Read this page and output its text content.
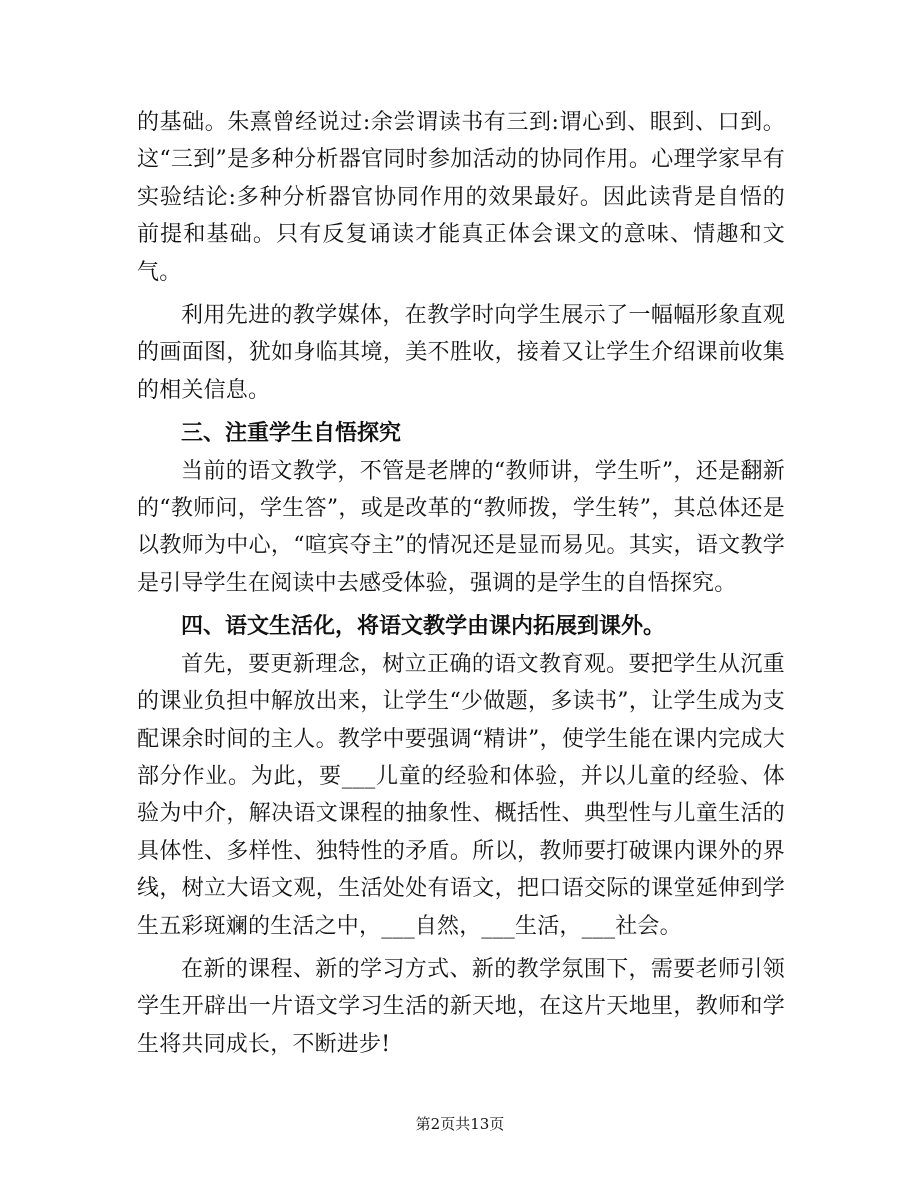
的基础。朱熹曾经说过:余尝谓读书有三到:谓心到、眼到、口到。这“三到”是多种分析器官同时参加活动的协同作用。心理学家早有实验结论:多种分析器官协同作用的效果最好。因此读背是自悟的前提和基础。只有反复诵读才能真正体会课文的意味、情趣和文气。

利用先进的教学媒体，在教学时向学生展示了一幅幅形象直观的画面图，犹如身临其境，美不胜收，接着又让学生介绍课前收集的相关信息。

三、注重学生自悟探究

当前的语文教学，不管是老牌的“教师讲，学生听”，还是翻新的“教师问，学生答”，或是改革的“教师拨，学生转”，其总体还是以教师为中心，“喧宾夺主”的情况还是显而易见。其实，语文教学是引导学生在阅读中去感受体验，强调的是学生的自悟探究。

四、语文生活化，将语文教学由课内拓展到课外。

首先，要更新理念，树立正确的语文教育观。要把学生从沉重的课业负担中解放出来，让学生“少做题，多读书”，让学生成为支配课余时间的主人。教学中要强调“精讲”，使学生能在课内完成大部分作业。为此，要___儿童的经验和体验，并以儿童的经验、体验为中介，解决语文课程的抽象性、概括性、典型性与儿童生活的具体性、多样性、独特性的矛盾。所以，教师要打破课内课外的界线，树立大语文观，生活处处有语文，把口语交际的课堂延伸到学生五彩斑斓的生活之中，___自然，___生活，___社会。

在新的课程、新的学习方式、新的教学氛围下，需要老师引领学生开辟出一片语文学习生活的新天地，在这片天地里，教师和学生将共同成长，不断进步!

第2页共13页
